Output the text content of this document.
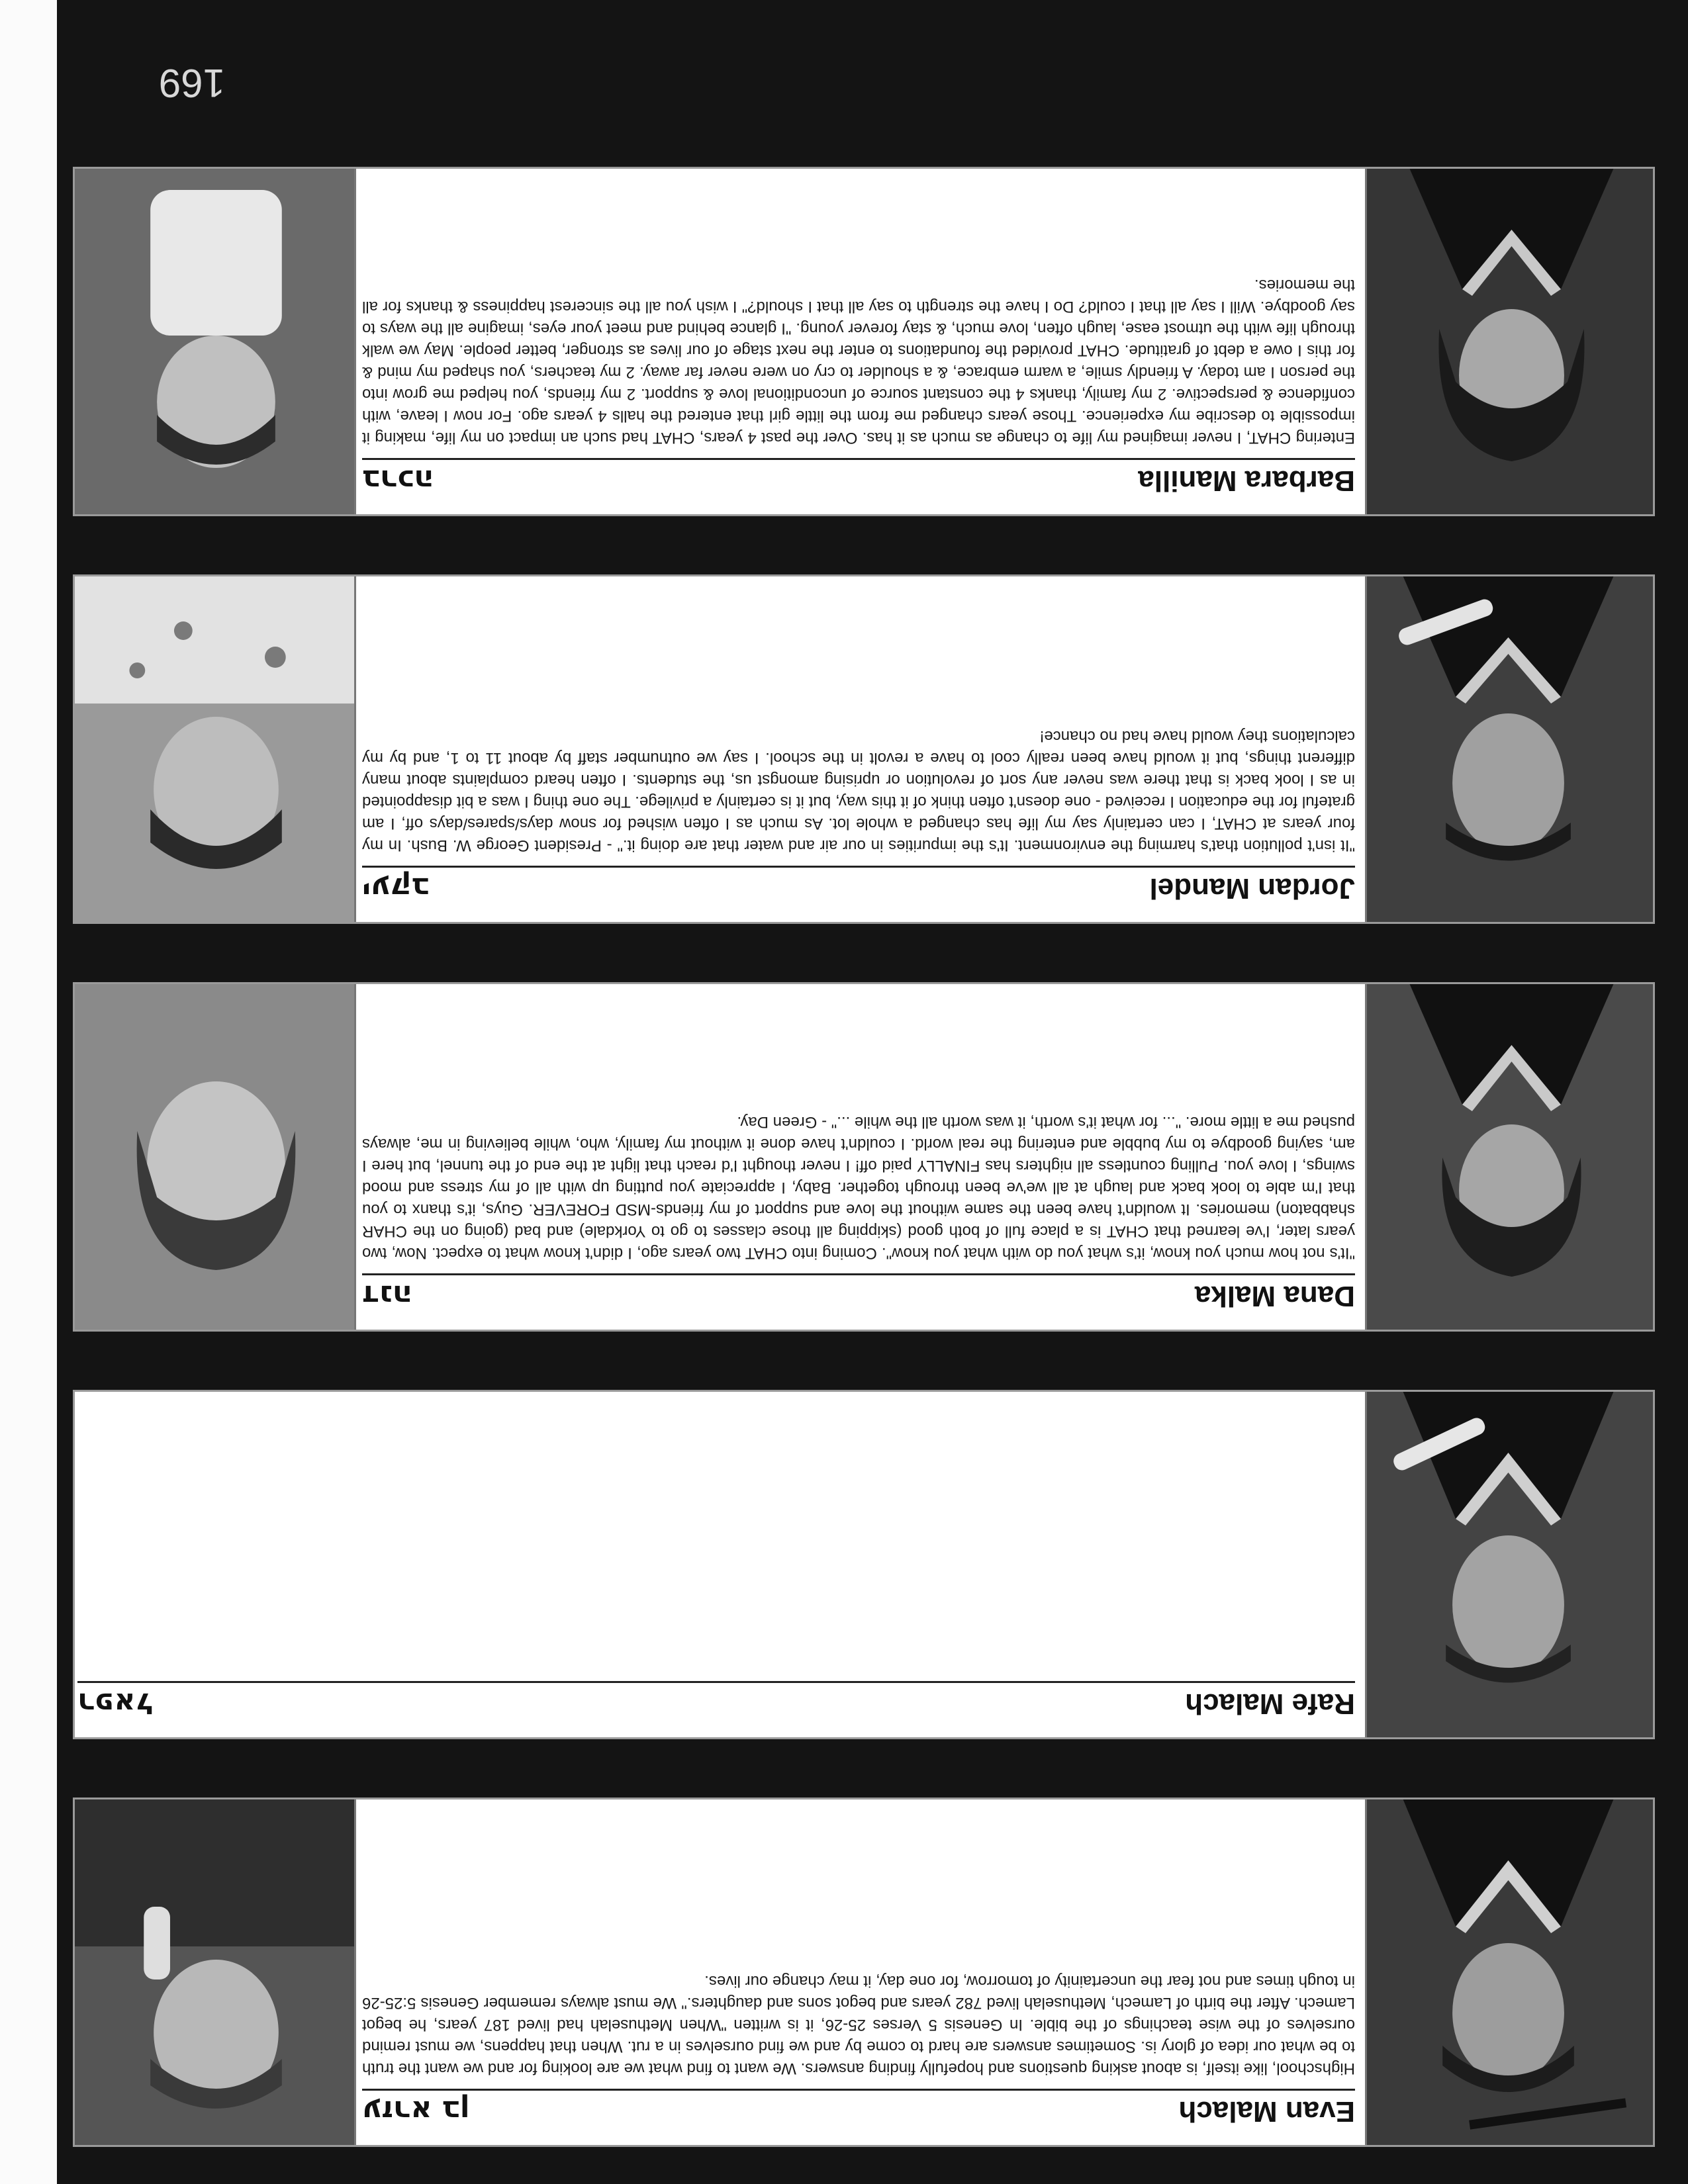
169
Evan Malach
עזרא בן
Highschool, like itself, is about asking questions and hopefully finding answers. We want to find what we are looking for and we want the truth to be what our idea of glory is. Sometimes answers are hard to come by and we find ourselves in a rut. When that happens, we must remind ourselves of the wise teachings of the bible. In Genesis 5 Verses 25-26, it is written "When Methuselah had lived 187 years, he begot Lamech. After the birth of Lamech, Methuselah lived 782 years and begot sons and daughters." We must always remember Genesis 5:25-26 in tough times and not fear the uncertainity of tomorrow, for one day, it may change our lives.
Rafe Malach
רפאל
Dana Malka
דנה
"It's not how much you know, it's what you do with what you know". Coming into CHAT two years ago, I didn't know what to expect. Now, two years later, I've learned that CHAT is a place full of both good (skipping all those classes to go to Yorkdale) and bad (going on the CHAR shabbaton) memories. It wouldn't have been the same without the love and support of my friends-MSD FOREVER. Guys, it's thanx to you that I'm able to look back and laugh at all we've been through together. Baby, I appreciate you putting up with all of my stress and mood swings, I love you. Pulling countless all nighters has FINALLY paid off! I never thought I'd reach that light at the end of the tunnel, but here I am, saying goodbye to my bubble and entering the real world. I couldn't have done it without my family, who, while believing in me, always pushed me a little more. "... for what it's worth, it was worth all the while ..." - Green Day.
Jordan Mandel
יעקב
"It isn't pollution that's harming the environment. It's the impurities in our air and water that are doing it." - President George W. Bush. In my four years at CHAT, I can certainly say my life has changed a whole lot. As much as I often wished for snow days/spares/days off, I am grateful for the education I received - one doesn't often think of it this way, but it is certainly a privilege. The one thing I was a bit disappointed in as I look back is that there was never any sort of revolution or uprising amongst us, the students. I often heard complaints about many different things, but it would have been really cool to have a revolt in the school. I say we outnumber staff by about 11 to 1, and by my calculations they would have had no chance!
Barbara Manilla
ברכה
Entering CHAT, I never imagined my life to change as much as it has. Over the past 4 years, CHAT had such an impact on my life, making it impossible to describe my experience. Those years changed me from the little girl that entered the halls 4 years ago. For now I leave, with confidence & perspective. 2 my family, thanks 4 the constant source of unconditional love & support. 2 my friends, you helped me grow into the person I am today. A friendly smile, a warm embrace, & a shoulder to cry on were never far away. 2 my teachers, you shaped my mind & for this I owe a debt of gratitude. CHAT provided the foundations to enter the next stage of our lives as stronger, better people. May we walk through life with the utmost ease, laugh often, love much, & stay forever young. "I glance behind and meet your eyes, imagine all the ways to say goodbye. Will I say all that I could? Do I have the strength to say all that I should?" I wish you all the sincerest happiness & thanks for all the memories.
